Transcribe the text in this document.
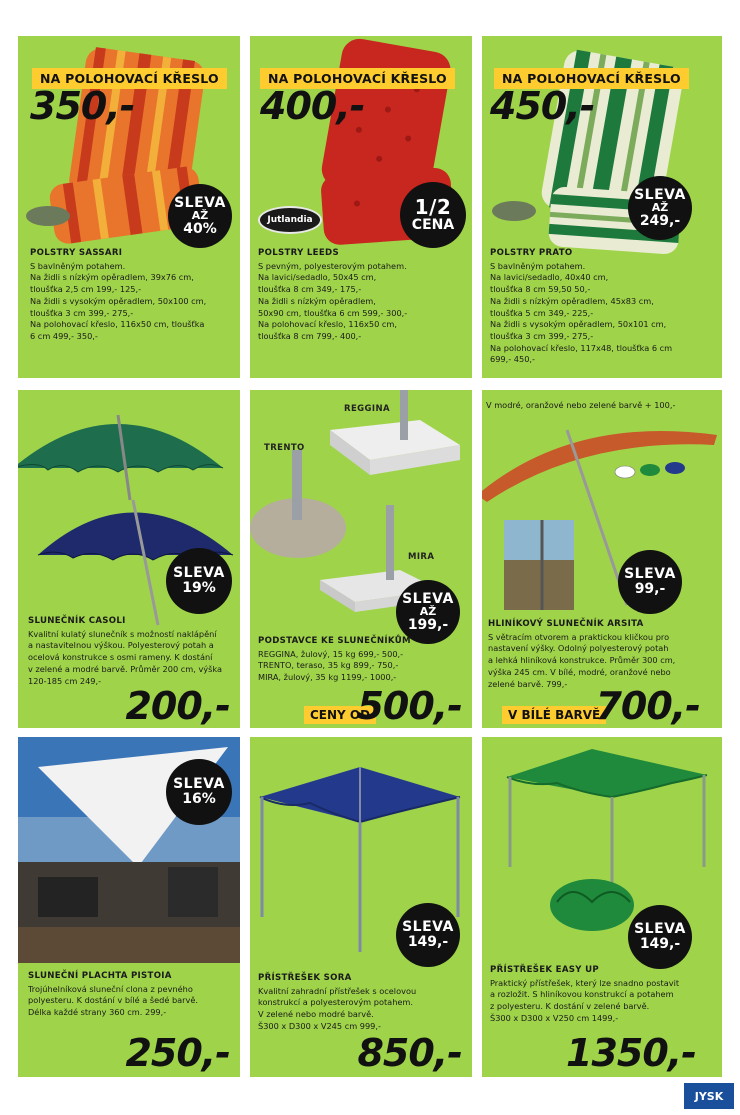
NA POLOHOVACÍ KŘESLO
350,-
SLEVA
AŽ
40%
POLSTRY SASSARI
S bavlněným potahem.
Na židli s nízkým opěradlem, 39x76 cm,
tloušťka 2,5 cm 199,- 125,-
Na židli s vysokým opěradlem, 50x100 cm,
tloušťka 3 cm 399,- 275,-
Na polohovací křeslo, 116x50 cm, tloušťka
6 cm 499,- 350,-
NA POLOHOVACÍ KŘESLO
400,-
Jutlandia
1/2
CENA
POLSTRY LEEDS
S pevným, polyesterovým potahem.
Na lavici/sedadlo, 50x45 cm,
tloušťka 8 cm 349,- 175,-
Na židli s nízkým opěradlem,
50x90 cm, tloušťka 6 cm 599,- 300,-
Na polohovací křeslo, 116x50 cm,
tloušťka 8 cm 799,- 400,-
NA POLOHOVACÍ KŘESLO
450,-
SLEVA
AŽ
249,-
POLSTRY PRATO
S bavlněným potahem.
Na lavici/sedadlo, 40x40 cm,
tloušťka 8 cm 59,50 50,-
Na židli s nízkým opěradlem, 45x83 cm,
tloušťka 5 cm 349,- 225,-
Na židli s vysokým opěradlem, 50x101 cm,
tloušťka 3 cm 399,- 275,-
Na polohovací křeslo, 117x48, tloušťka 6 cm
699,- 450,-
SLEVA
19%
SLUNEČNÍK CASOLI
Kvalitní kulatý slunečník s možností naklápění
a nastavitelnou výškou. Polyesterový potah a
ocelová konstrukce s osmi rameny. K dostání
v zelené a modré barvě. Průměr 200 cm, výška
120-185 cm 249,-
200,-
REGGINA
TRENTO
MIRA
SLEVA
AŽ
199,-
PODSTAVCE KE SLUNEČNÍKŮM
REGGINA, žulový, 15 kg 699,- 500,-
TRENTO, teraso, 35 kg 899,- 750,-
MIRA, žulový, 35 kg 1199,- 1000,-
CENY OD
500,-
V modré, oranžové nebo zelené barvě + 100,-
SLEVA
99,-
HLINÍKOVÝ SLUNEČNÍK ARSITA
S větracím otvorem a praktickou kličkou pro
nastavení výšky. Odolný polyesterový potah
a lehká hliníková konstrukce. Průměr 300 cm,
výška 245 cm. V bílé, modré, oranžové nebo
zelené barvě. 799,-
V BÍLÉ BARVĚ
700,-
SLEVA
16%
SLUNEČNÍ PLACHTA PISTOIA
Trojúhelníková sluneční clona z pevného
polyesteru. K dostání v bílé a šedé barvě.
Délka každé strany 360 cm. 299,-
250,-
SLEVA
149,-
PŘÍSTŘEŠEK SORA
Kvalitní zahradní přístřešek s ocelovou
konstrukcí a polyesterovým potahem.
V zelené nebo modré barvě.
Š300 x D300 x V245 cm 999,-
850,-
SLEVA
149,-
PŘÍSTŘEŠEK EASY UP
Praktický přístřešek, který lze snadno postavit
a rozložit. S hliníkovou konstrukcí a potahem
z polyesteru. K dostání v zelené barvě.
Š300 x D300 x V250 cm 1499,-
1350,-
JYSK
